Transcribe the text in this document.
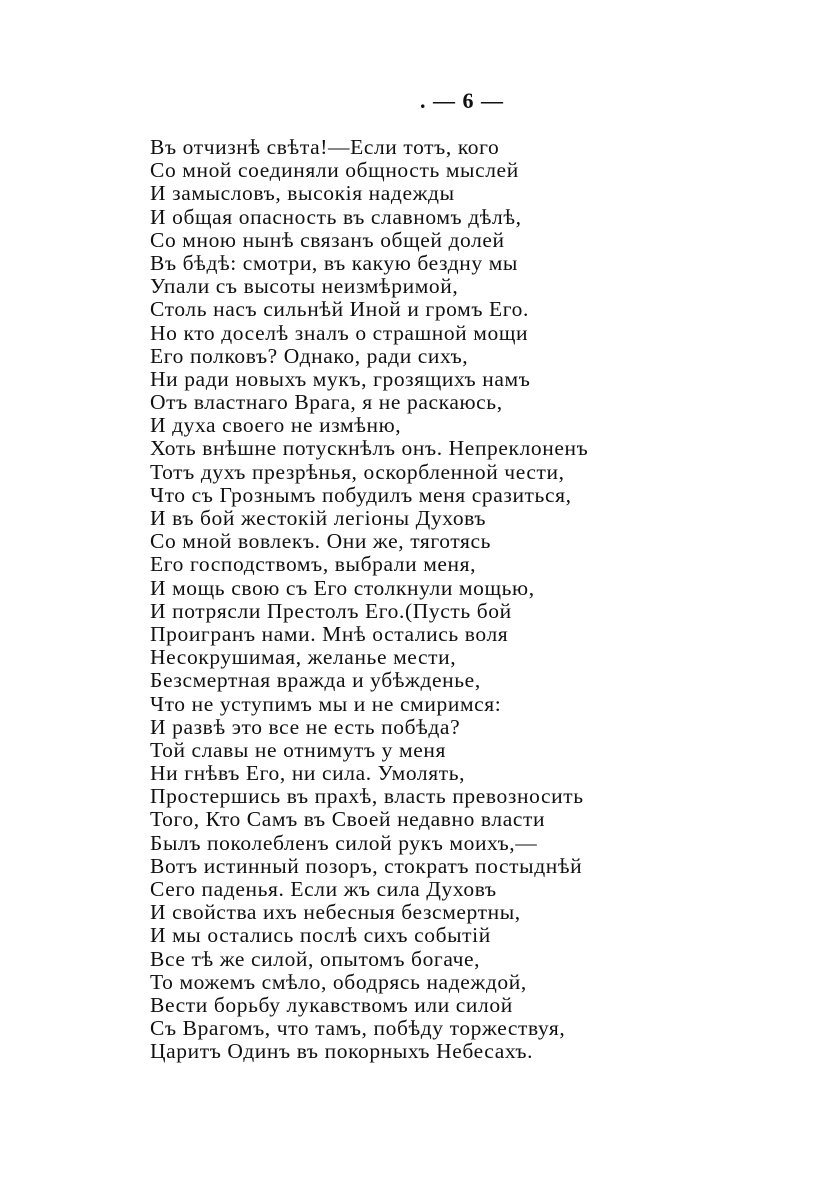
. — 6 —
Въ отчизнѣ свѣта!—Если тотъ, кого
Со мной соединяли общность мыслей
И замысловъ, высокія надежды
И общая опасность въ славномъ дѣлѣ,
Со мною нынѣ связанъ общей долей
Въ бѣдѣ: смотри, въ какую бездну мы
Упали съ высоты неизмѣримой,
Столь насъ сильнѣй Иной и громъ Его.
Но кто доселѣ зналъ о страшной мощи
Его полковъ? Однако, ради сихъ,
Ни ради новыхъ мукъ, грозящихъ намъ
Отъ властнаго Врага, я не раскаюсь,
И духа своего не измѣню,
Хоть внѣшне потускнѣлъ онъ. Непреклоненъ
Тотъ духъ презрѣнья, оскорбленной чести,
Что съ Грознымъ побудилъ меня сразиться,
И въ бой жестокій легіоны Духовъ
Со мной вовлекъ. Они же, тяготясь
Его господствомъ, выбрали меня,
И мощь свою съ Его столкнули мощью,
И потрясли Престолъ Его.(Пусть бой
Проигранъ нами. Мнѣ остались воля
Несокрушимая, желанье мести,
Безсмертная вражда и убѣжденье,
Что не уступимъ мы и не смиримся:
И развѣ это все не есть побѣда?
Той славы не отнимутъ у меня
Ни гнѣвъ Его, ни сила. Умолять,
Простершись въ прахѣ, власть превозносить
Того, Кто Самъ въ Своей недавно власти
Былъ поколебленъ силой рукъ моихъ,—
Вотъ истинный позоръ, стократъ постыднѣй
Сего паденья. Если жъ сила Духовъ
И свойства ихъ небесныя безсмертны,
И мы остались послѣ сихъ событій
Все тѣ же силой, опытомъ богаче,
То можемъ смѣло, ободрясь надеждой,
Вести борьбу лукавствомъ или силой
Съ Врагомъ, что тамъ, побѣду торжествуя,
Царитъ Одинъ въ покорныхъ Небесахъ.
